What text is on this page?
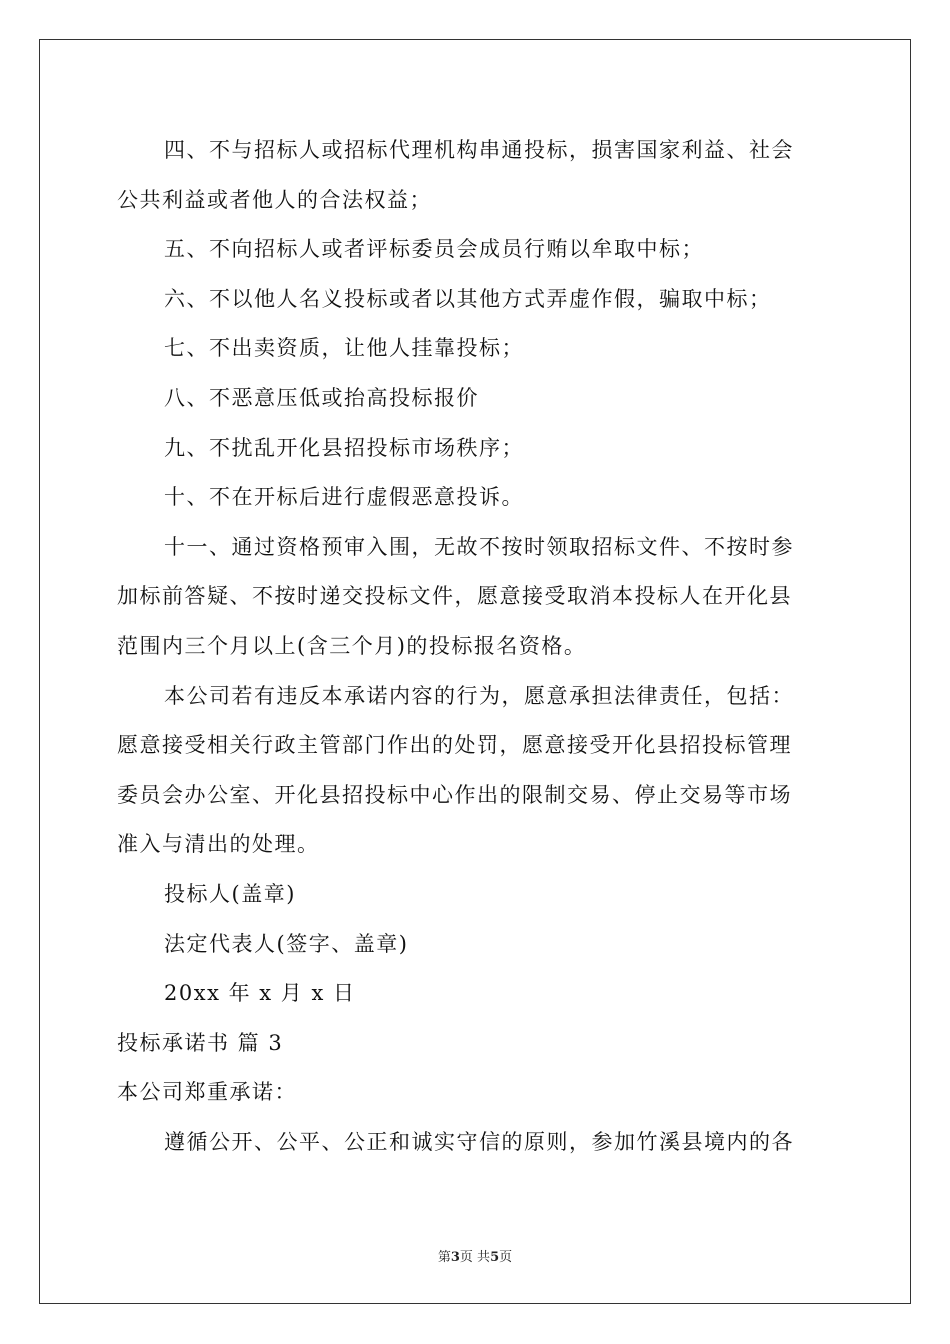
四、不与招标人或招标代理机构串通投标，损害国家利益、社会
公共利益或者他人的合法权益；
五、不向招标人或者评标委员会成员行贿以牟取中标；
六、不以他人名义投标或者以其他方式弄虚作假，骗取中标；
七、不出卖资质，让他人挂靠投标；
八、不恶意压低或抬高投标报价
九、不扰乱开化县招投标市场秩序；
十、不在开标后进行虚假恶意投诉。
十一、通过资格预审入围，无故不按时领取招标文件、不按时参
加标前答疑、不按时递交投标文件，愿意接受取消本投标人在开化县
范围内三个月以上(含三个月)的投标报名资格。
本公司若有违反本承诺内容的行为，愿意承担法律责任，包括：
愿意接受相关行政主管部门作出的处罚，愿意接受开化县招投标管理
委员会办公室、开化县招投标中心作出的限制交易、停止交易等市场
准入与清出的处理。
投标人(盖章)
法定代表人(签字、盖章)
20xx 年 x 月 x 日
投标承诺书 篇 3
本公司郑重承诺：
遵循公开、公平、公正和诚实守信的原则，参加竹溪县境内的各
第3页 共5页
